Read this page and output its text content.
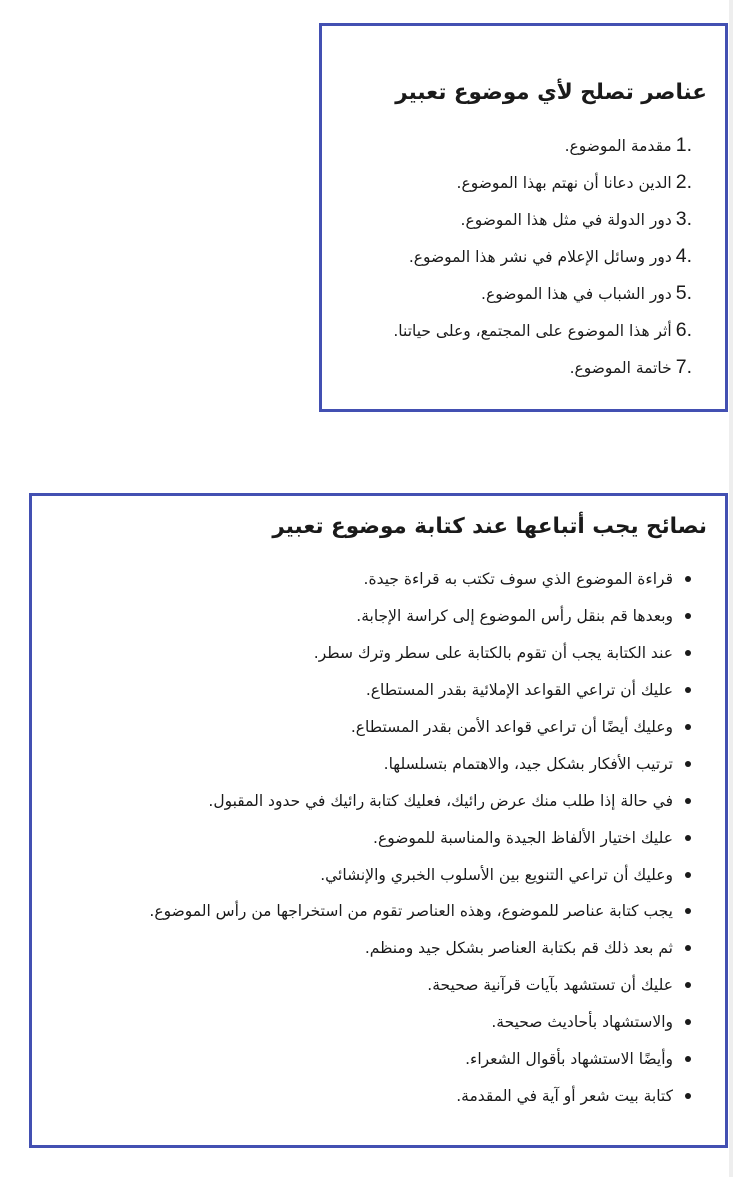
عناصر تصلح لأي موضوع تعبير
1.
مقدمة الموضوع.
2.
الدين دعانا أن نهتم بهذا الموضوع.
3.
دور الدولة في مثل هذا الموضوع.
4.
دور وسائل الإعلام في نشر هذا الموضوع.
5.
دور الشباب في هذا الموضوع.
6.
أثر هذا الموضوع على المجتمع، وعلى حياتنا.
7.
خاتمة الموضوع.
نصائح يجب أتباعها عند كتابة موضوع تعبير
قراءة الموضوع الذي سوف تكتب به قراءة جيدة.
وبعدها قم بنقل رأس الموضوع إلى كراسة الإجابة.
عند الكتابة يجب أن تقوم بالكتابة على سطر وترك سطر.
عليك أن تراعي القواعد الإملائية بقدر المستطاع.
وعليك أيضًا أن تراعي قواعد الأمن بقدر المستطاع.
ترتيب الأفكار بشكل جيد، والاهتمام بتسلسلها.
في حالة إذا طلب منك عرض رائيك، فعليك كتابة رائيك في حدود المقبول.
عليك اختيار الألفاظ الجيدة والمناسبة للموضوع.
وعليك أن تراعي التنويع بين الأسلوب الخبري والإنشائي.
يجب كتابة عناصر للموضوع، وهذه العناصر تقوم من استخراجها من رأس الموضوع.
ثم بعد ذلك قم بكتابة العناصر بشكل جيد ومنظم.
عليك أن تستشهد بآيات قرآنية صحيحة.
والاستشهاد بأحاديث صحيحة.
وأيضًا الاستشهاد بأقوال الشعراء.
كتابة بيت شعر أو آية في المقدمة.
